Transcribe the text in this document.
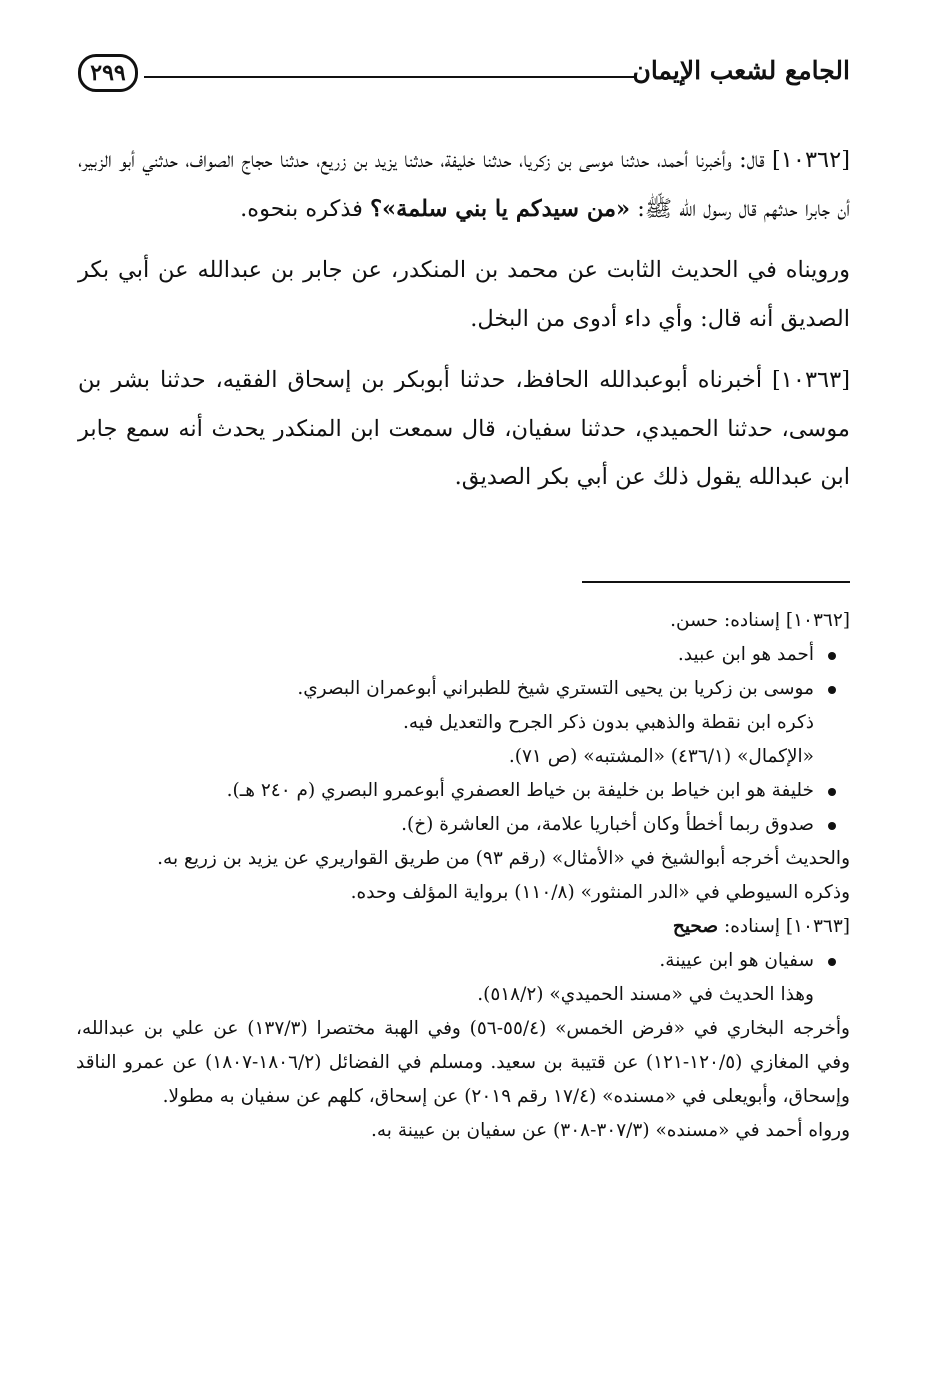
الجامع لشعب الإيمان
٢٩٩

[١٠٣٦٢] قال: وأخبرنا أحمد، حدثنا موسى بن زكريا، حدثنا خليفة، حدثنا يزيد بن زريع، حدثنا حجاج الصواف، حدثني أبو الزبير، أن جابرا حدثهم قال رسول الله ﷺ: «من سيدكم يا بني سلمة»؟ فذكره بنحوه.

ورويناه في الحديث الثابت عن محمد بن المنكدر، عن جابر بن عبدالله عن أبي بكر الصديق أنه قال: وأي داء أدوى من البخل.

[١٠٣٦٣] أخبرناه أبوعبدالله الحافظ، حدثنا أبوبكر بن إسحاق الفقيه، حدثنا بشر بن موسى، حدثنا الحميدي، حدثنا سفيان، قال سمعت ابن المنكدر يحدث أنه سمع جابر ابن عبدالله يقول ذلك عن أبي بكر الصديق.

[١٠٣٦٢] إسناده: حسن.

أحمد هو ابن عبيد.

موسى بن زكريا بن يحيى التستري شيخ للطبراني أبوعمران البصري.

ذكره ابن نقطة والذهبي بدون ذكر الجرح والتعديل فيه.

«الإكمال» (٤٣٦/١) «المشتبه» (ص ٧١).

خليفة هو ابن خياط بن خليفة بن خياط العصفري أبوعمرو البصري (م ٢٤٠ هـ).

صدوق ربما أخطأ وكان أخباريا علامة، من العاشرة (خ).

والحديث أخرجه أبوالشيخ في «الأمثال» (رقم ٩٣) من طريق القواريري عن يزيد بن زريع به.

وذكره السيوطي في «الدر المنثور» (١١٠/٨) برواية المؤلف وحده.

[١٠٣٦٣] إسناده: صحيح

سفيان هو ابن عيينة.

وهذا الحديث في «مسند الحميدي» (٥١٨/٢).

وأخرجه البخاري في «فرض الخمس» (٥٥/٤-٥٦) وفي الهبة مختصرا (١٣٧/٣) عن علي بن عبدالله، وفي المغازي (١٢٠/٥-١٢١) عن قتيبة بن سعيد. ومسلم في الفضائل (١٨٠٦/٢-١٨٠٧) عن عمرو الناقد وإسحاق، وأبويعلى في «مسنده» (١٧/٤ رقم ٢٠١٩) عن إسحاق، كلهم عن سفيان به مطولا.

ورواه أحمد في «مسنده» (٣٠٧/٣-٣٠٨) عن سفيان بن عيينة به.
